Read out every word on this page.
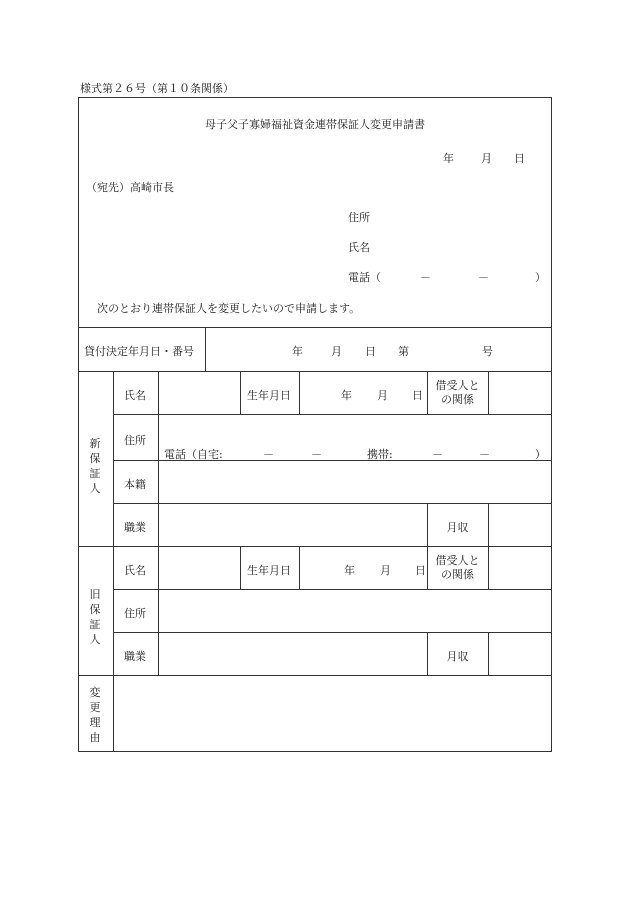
様式第２６号（第１０条関係）
母子父子寡婦福祉資金連帯保証人変更申請書
年 月 日
（宛先）高崎市長
住所
氏名
電話（	－	－	）
次のとおり連帯保証人を変更したいので申請します。
貸付決定年月日・番号	年	月 日 第	号
新保証人
氏名	生年月日	年 月 日
借受人と
の関係
住所
電話（自宅:	－	－	携帯:	－	－	）
本籍
職業	月収
旧保証人
氏名	生年月日	年 月 日
借受人と
の関係
住所
職業	月収
変更理由
